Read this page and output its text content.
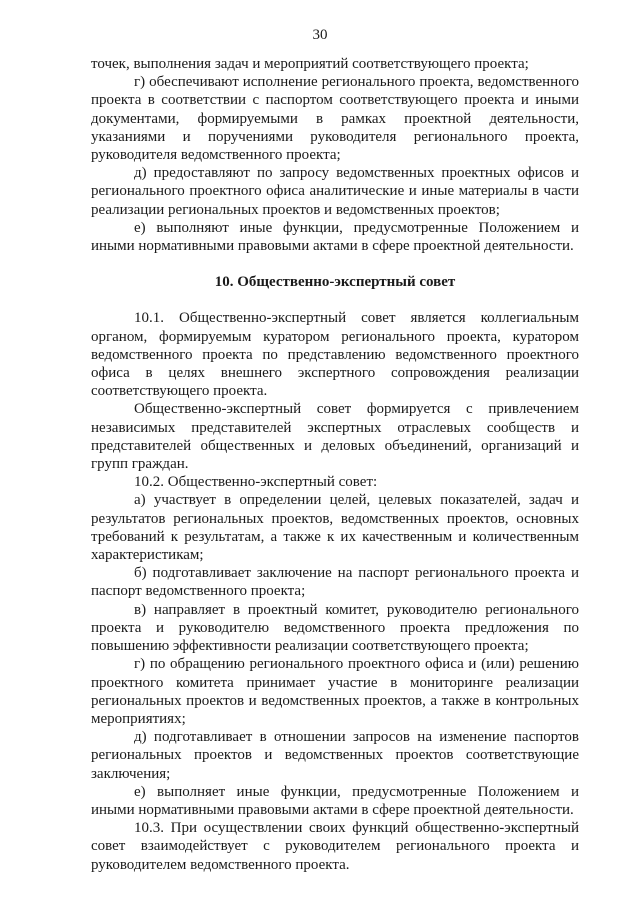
30

точек, выполнения задач и мероприятий соответствующего проекта;

г) обеспечивают исполнение регионального проекта, ведомственного проекта в соответствии с паспортом соответствующего проекта и иными документами, формируемыми в рамках проектной деятельности, указаниями и поручениями руководителя регионального проекта, руководителя ведомственного проекта;

д) предоставляют по запросу ведомственных проектных офисов и регионального проектного офиса аналитические и иные материалы в части реализации региональных проектов и ведомственных проектов;

е) выполняют иные функции, предусмотренные Положением и иными нормативными правовыми актами в сфере проектной деятельности.

10. Общественно-экспертный совет

10.1. Общественно-экспертный совет является коллегиальным органом, формируемым куратором регионального проекта, куратором ведомственного проекта по представлению ведомственного проектного офиса в целях внешнего экспертного сопровождения реализации соответствующего проекта.

Общественно-экспертный совет формируется с привлечением независимых представителей экспертных отраслевых сообществ и представителей общественных и деловых объединений, организаций и групп граждан.

10.2. Общественно-экспертный совет:

а) участвует в определении целей, целевых показателей, задач и результатов региональных проектов, ведомственных проектов, основных требований к результатам, а также к их качественным и количественным характеристикам;

б) подготавливает заключение на паспорт регионального проекта и паспорт ведомственного проекта;

в) направляет в проектный комитет, руководителю регионального проекта и руководителю ведомственного проекта предложения по повышению эффективности реализации соответствующего проекта;

г) по обращению регионального проектного офиса и (или) решению проектного комитета принимает участие в мониторинге реализации региональных проектов и ведомственных проектов, а также в контрольных мероприятиях;

д) подготавливает в отношении запросов на изменение паспортов региональных проектов и ведомственных проектов соответствующие заключения;

е) выполняет иные функции, предусмотренные Положением и иными нормативными правовыми актами в сфере проектной деятельности.

10.3. При осуществлении своих функций общественно-экспертный совет взаимодействует с руководителем регионального проекта и руководителем ведомственного проекта.
